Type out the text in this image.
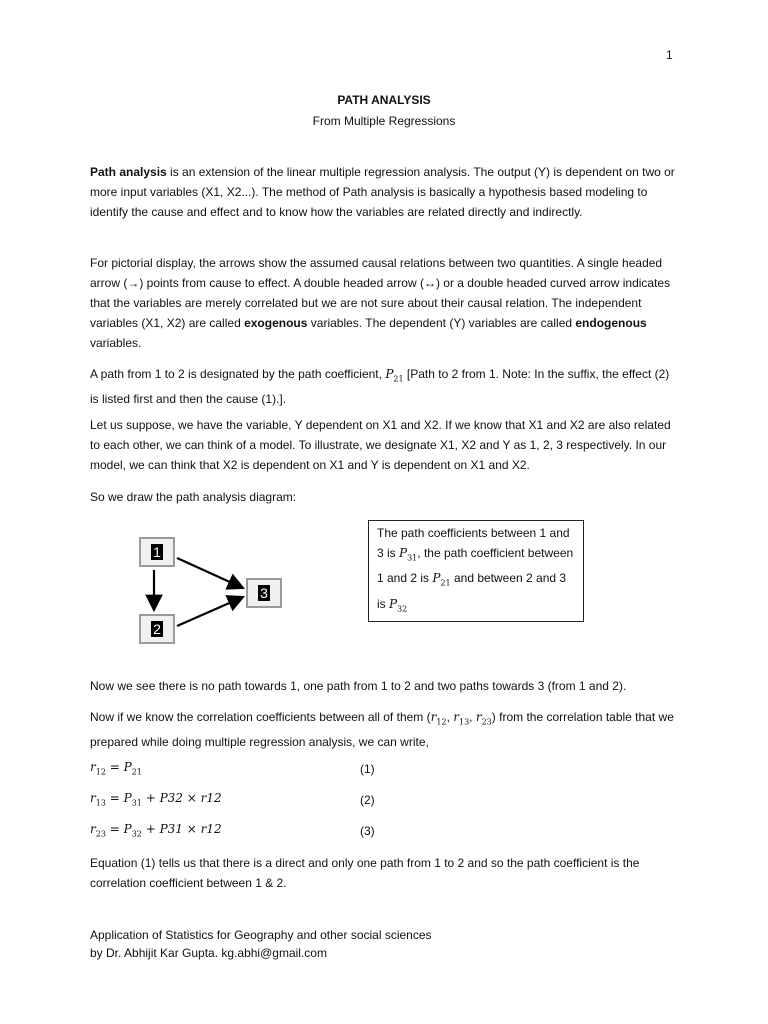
1
PATH ANALYSIS
From Multiple Regressions

Path analysis is an extension of the linear multiple regression analysis. The output (Y) is dependent on two or more input variables (X1, X2...). The method of Path analysis is basically a hypothesis based modeling to identify the cause and effect and to know how the variables are related directly and indirectly.

For pictorial display, the arrows show the assumed causal relations between two quantities. A single headed arrow (→) points from cause to effect. A double headed arrow (↔) or a double headed curved arrow indicates that the variables are merely correlated but we are not sure about their causal relation. The independent variables (X1, X2) are called exogenous variables. The dependent (Y) variables are called endogenous variables.

A path from 1 to 2 is designated by the path coefficient, $P_{21}$ [Path to 2 from 1. Note: In the suffix, the effect (2) is listed first and then the cause (1).].

Let us suppose, we have the variable, Y dependent on X1 and X2. If we know that X1 and X2 are also related to each other, we can think of a model. To illustrate, we designate X1, X2 and Y as 1, 2, 3 respectively. In our model, we can think that X2 is dependent on X1 and Y is dependent on X1 and X2.

So we draw the path analysis diagram:

1
2
3
The path coefficients between 1 and 3 is $P_{31}$, the path coefficient between 1 and 2 is $P_{21}$ and between 2 and 3 is $P_{32}$

Now we see there is no path towards 1, one path from 1 to 2 and two paths towards 3 (from 1 and 2).

Now if we know the correlation coefficients between all of them ($r_{12}$, $r_{13}$, $r_{23}$) from the correlation table that we prepared while doing multiple regression analysis, we can write,

$r_{12} = P_{21}$	(1)
$r_{13} = P_{31} + P32 \times r12$	(2)
$r_{23} = P_{32} + P31 \times r12$	(3)

Equation (1) tells us that there is a direct and only one path from 1 to 2 and so the path coefficient is the correlation coefficient between 1 & 2.

Application of Statistics for Geography and other social sciences
by Dr. Abhijit Kar Gupta. kg.abhi@gmail.com
